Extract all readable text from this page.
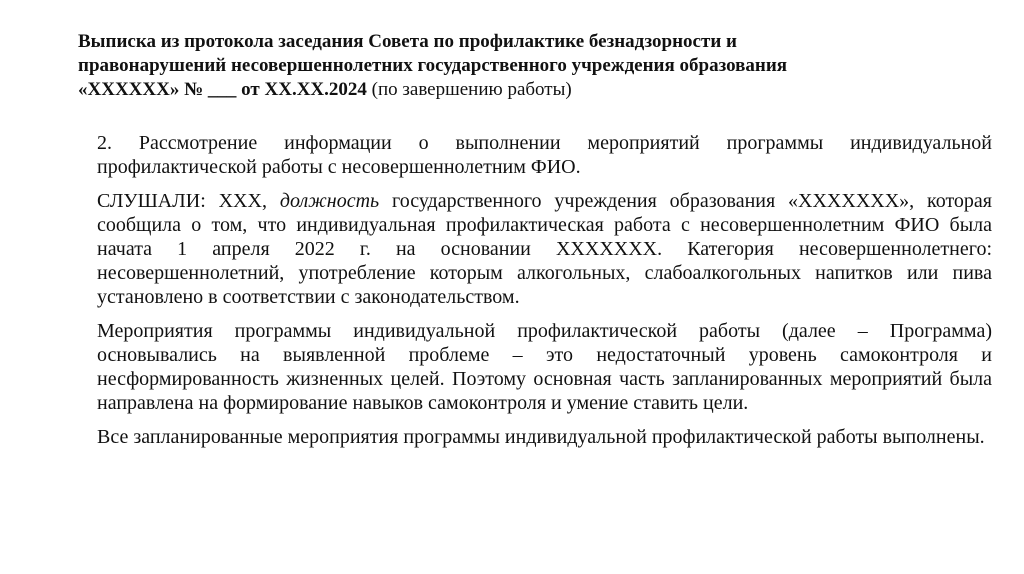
Выписка из протокола заседания Совета по профилактике безнадзорности и
правонарушений несовершеннолетних государственного учреждения образования
«ХХХХХХ» № ___ от ХХ.ХХ.2024 (по завершению работы)

2. Рассмотрение информации о выполнении мероприятий программы индивидуальной профилактической работы с несовершеннолетним ФИО.

СЛУШАЛИ: ХХХ, должность государственного учреждения образования «ХХХХХХХ», которая сообщила о том, что индивидуальная профилактическая работа с несовершеннолетним ФИО была начата 1 апреля 2022 г. на основании ХХХХХХХ. Категория несовершеннолетнего: несовершеннолетний, употребление которым алкогольных, слабоалкогольных напитков или пива установлено в соответствии с законодательством.

Мероприятия программы индивидуальной профилактической работы (далее – Программа) основывались на выявленной проблеме – это недостаточный уровень самоконтроля и несформированность жизненных целей. Поэтому основная часть запланированных мероприятий была направлена на формирование навыков самоконтроля и умение ставить цели.

Все запланированные мероприятия программы индивидуальной профилактической работы выполнены.
